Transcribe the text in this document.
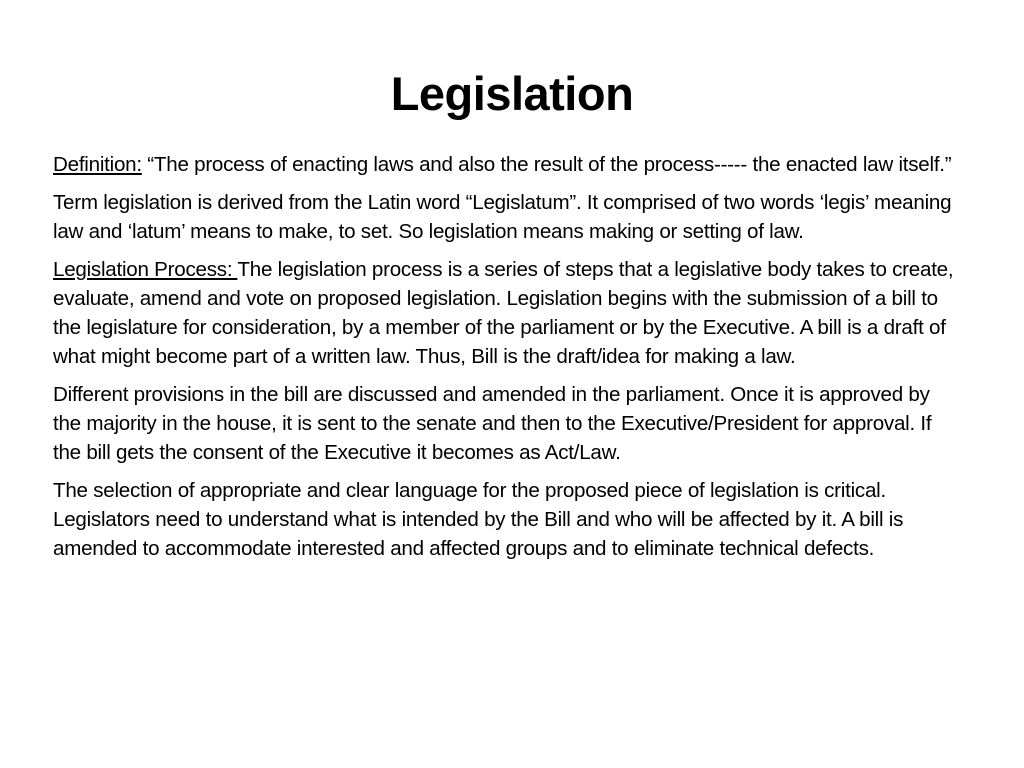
Legislation

Definition: “The process of enacting laws and also the result of the process----- the enacted law itself.”

Term legislation is derived from the Latin word “Legislatum”. It comprised of two words ‘legis’ meaning law and ‘latum’ means to make, to set. So legislation means making or setting of law.

Legislation Process: The legislation process is a series of steps that a legislative body takes to create, evaluate, amend and vote on proposed legislation. Legislation begins with the submission of a bill to the legislature for consideration, by a member of the parliament or by the Executive. A bill is a draft of what might become part of a written law. Thus, Bill is the draft/idea for making a law.

Different provisions in the bill are discussed and amended in the parliament. Once it is approved by the majority in the house, it is sent to the senate and then to the Executive/President for approval. If the bill gets the consent of the Executive it becomes as Act/Law.

The selection of appropriate and clear language for the proposed piece of legislation is critical. Legislators need to understand what is intended by the Bill and who will be affected by it. A bill is amended to accommodate interested and affected groups and to eliminate technical defects.
